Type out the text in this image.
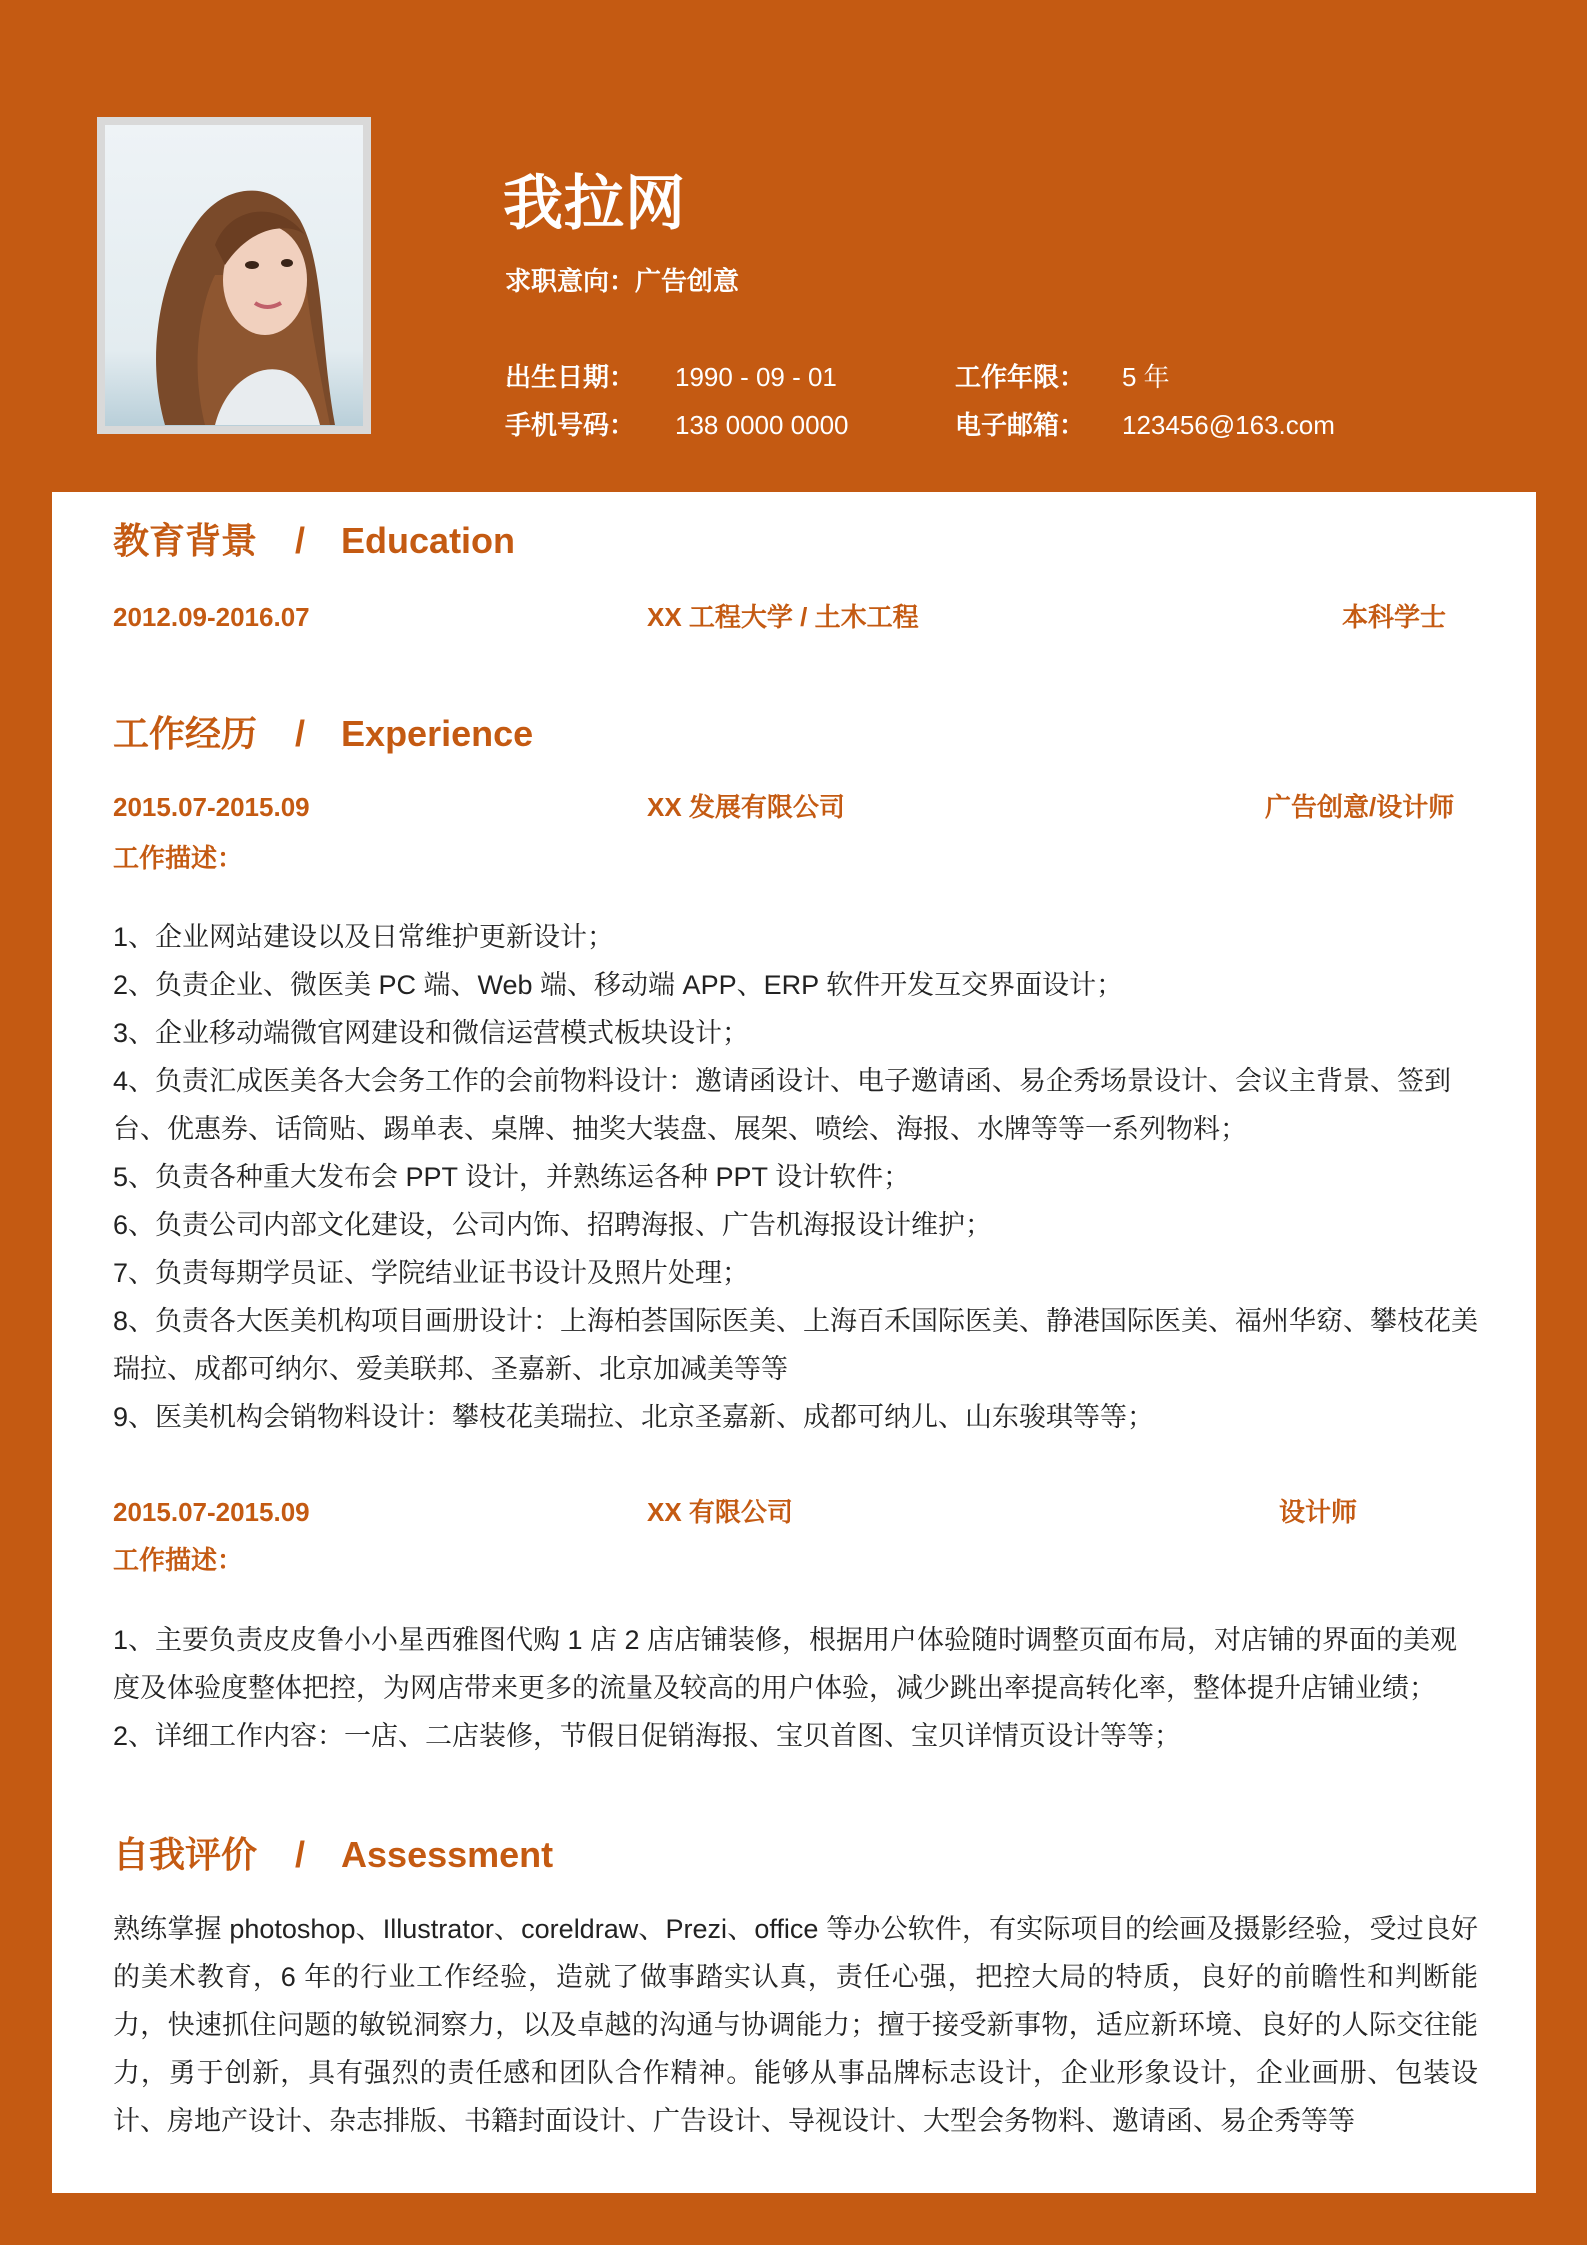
我拉网
求职意向：广告创意
出生日期： 1990 - 09 - 01	工作年限： 5 年
手机号码： 138 0000 0000	电子邮箱： 123456@163.com
教育背景 / Education
2012.09-2016.07	XX 工程大学 / 土木工程	本科学士
工作经历 / Experience
2015.07-2015.09	XX 发展有限公司	广告创意/设计师
工作描述：
1、企业网站建设以及日常维护更新设计；
2、负责企业、微医美 PC 端、Web 端、移动端 APP、ERP 软件开发互交界面设计；
3、企业移动端微官网建设和微信运营模式板块设计；
4、负责汇成医美各大会务工作的会前物料设计：邀请函设计、电子邀请函、易企秀场景设计、会议主背景、签到台、优惠券、话筒贴、踢单表、桌牌、抽奖大装盘、展架、喷绘、海报、水牌等等一系列物料；
5、负责各种重大发布会 PPT 设计，并熟练运各种 PPT 设计软件；
6、负责公司内部文化建设，公司内饰、招聘海报、广告机海报设计维护；
7、负责每期学员证、学院结业证书设计及照片处理；
8、负责各大医美机构项目画册设计：上海柏荟国际医美、上海百禾国际医美、静港国际医美、福州华窈、攀枝花美瑞拉、成都可纳尔、爱美联邦、圣嘉新、北京加减美等等
9、医美机构会销物料设计：攀枝花美瑞拉、北京圣嘉新、成都可纳儿、山东骏琪等等；
2015.07-2015.09	XX 有限公司	设计师
工作描述：
1、主要负责皮皮鲁小小星西雅图代购 1 店 2 店店铺装修，根据用户体验随时调整页面布局，对店铺的界面的美观度及体验度整体把控，为网店带来更多的流量及较高的用户体验，减少跳出率提高转化率，整体提升店铺业绩；
2、详细工作内容：一店、二店装修，节假日促销海报、宝贝首图、宝贝详情页设计等等；
自我评价 / Assessment
熟练掌握 photoshop、Illustrator、coreldraw、Prezi、office 等办公软件，有实际项目的绘画及摄影经验，受过良好的美术教育，6 年的行业工作经验，造就了做事踏实认真，责任心强，把控大局的特质，良好的前瞻性和判断能力，快速抓住问题的敏锐洞察力，以及卓越的沟通与协调能力；擅于接受新事物，适应新环境、良好的人际交往能力，勇于创新，具有强烈的责任感和团队合作精神。能够从事品牌标志设计，企业形象设计，企业画册、包装设计、房地产设计、杂志排版、书籍封面设计、广告设计、导视设计、大型会务物料、邀请函、易企秀等等
